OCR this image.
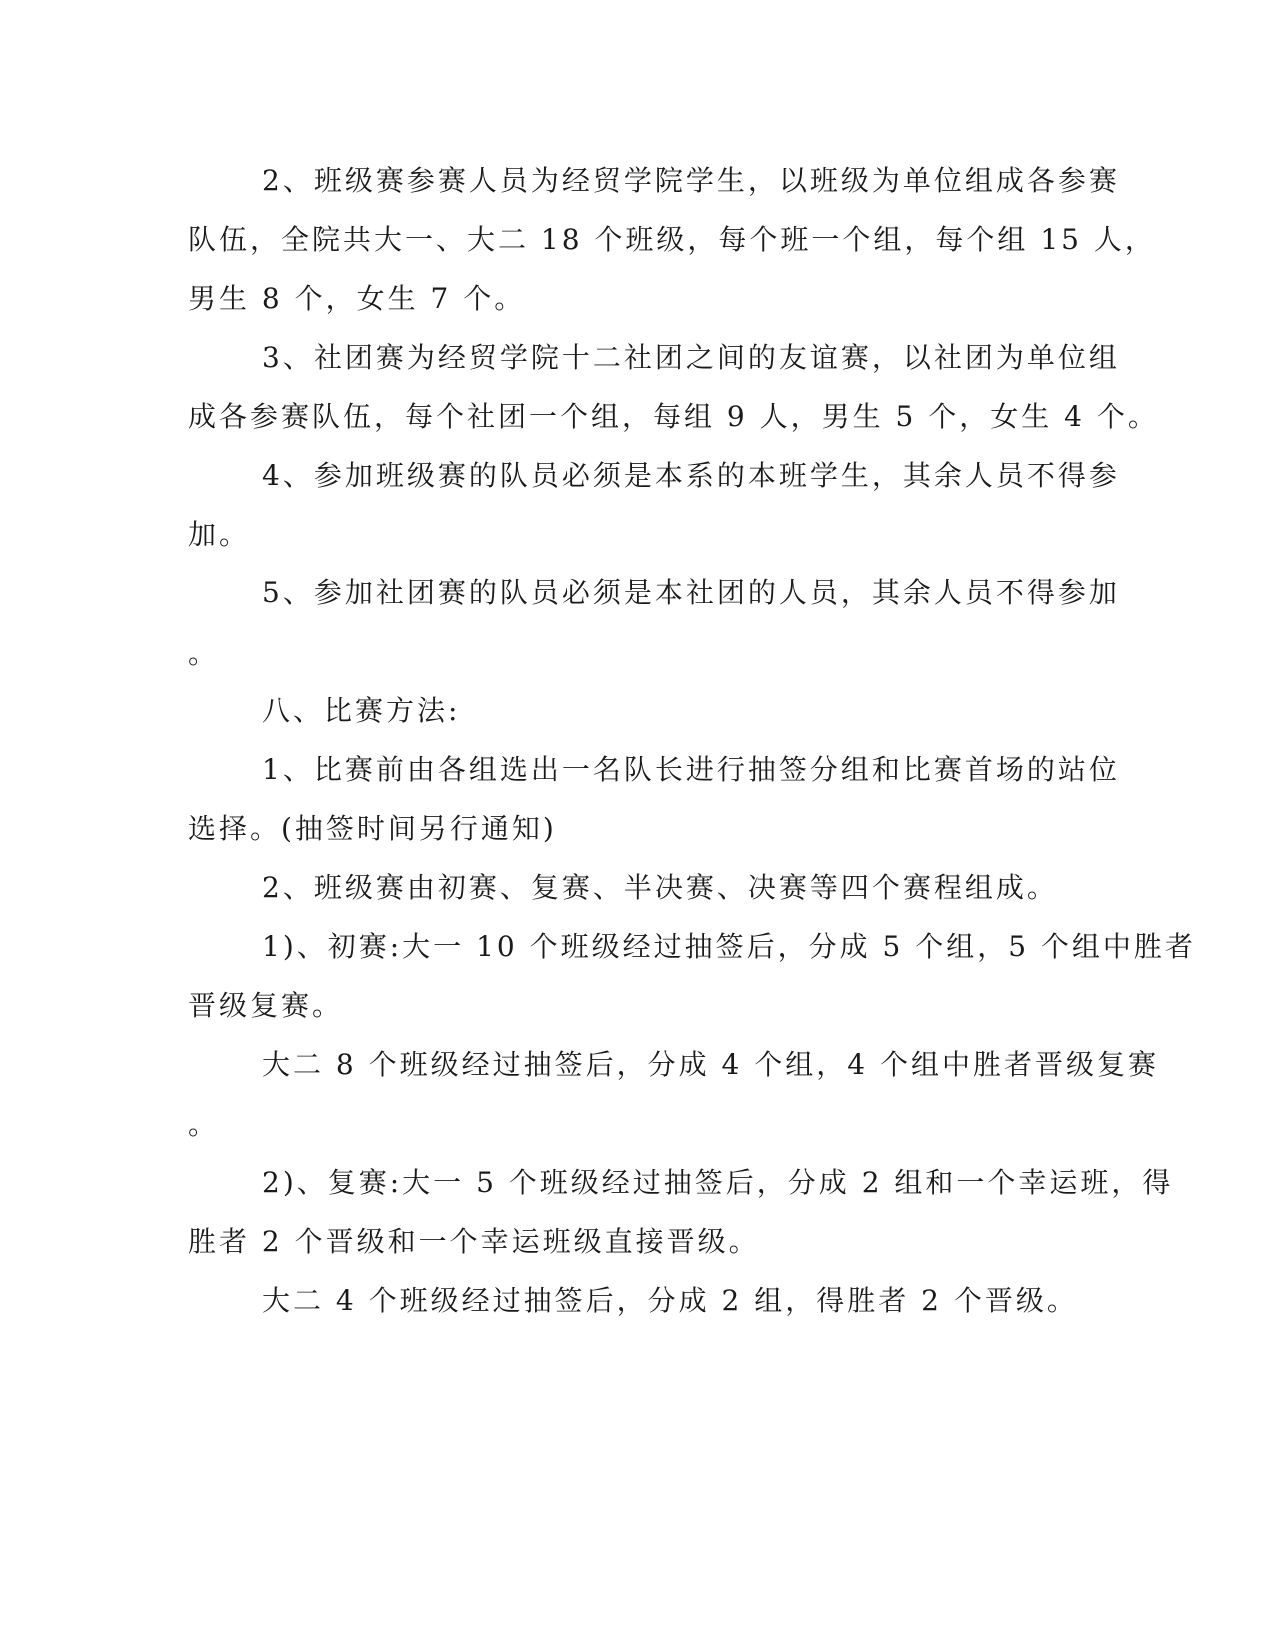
2、班级赛参赛人员为经贸学院学生，以班级为单位组成各参赛
队伍，全院共大一、大二 18 个班级，每个班一个组，每个组 15 人，
男生 8 个，女生 7 个。
3、社团赛为经贸学院十二社团之间的友谊赛，以社团为单位组
成各参赛队伍，每个社团一个组，每组 9 人，男生 5 个，女生 4 个。
4、参加班级赛的队员必须是本系的本班学生，其余人员不得参
加。
5、参加社团赛的队员必须是本社团的人员，其余人员不得参加
。
八、比赛方法:
1、比赛前由各组选出一名队长进行抽签分组和比赛首场的站位
选择。(抽签时间另行通知)
2、班级赛由初赛、复赛、半决赛、决赛等四个赛程组成。
1)、初赛:大一 10 个班级经过抽签后，分成 5 个组，5 个组中胜者
晋级复赛。
大二 8 个班级经过抽签后，分成 4 个组，4 个组中胜者晋级复赛
。
2)、复赛:大一 5 个班级经过抽签后，分成 2 组和一个幸运班，得
胜者 2 个晋级和一个幸运班级直接晋级。
大二 4 个班级经过抽签后，分成 2 组，得胜者 2 个晋级。
